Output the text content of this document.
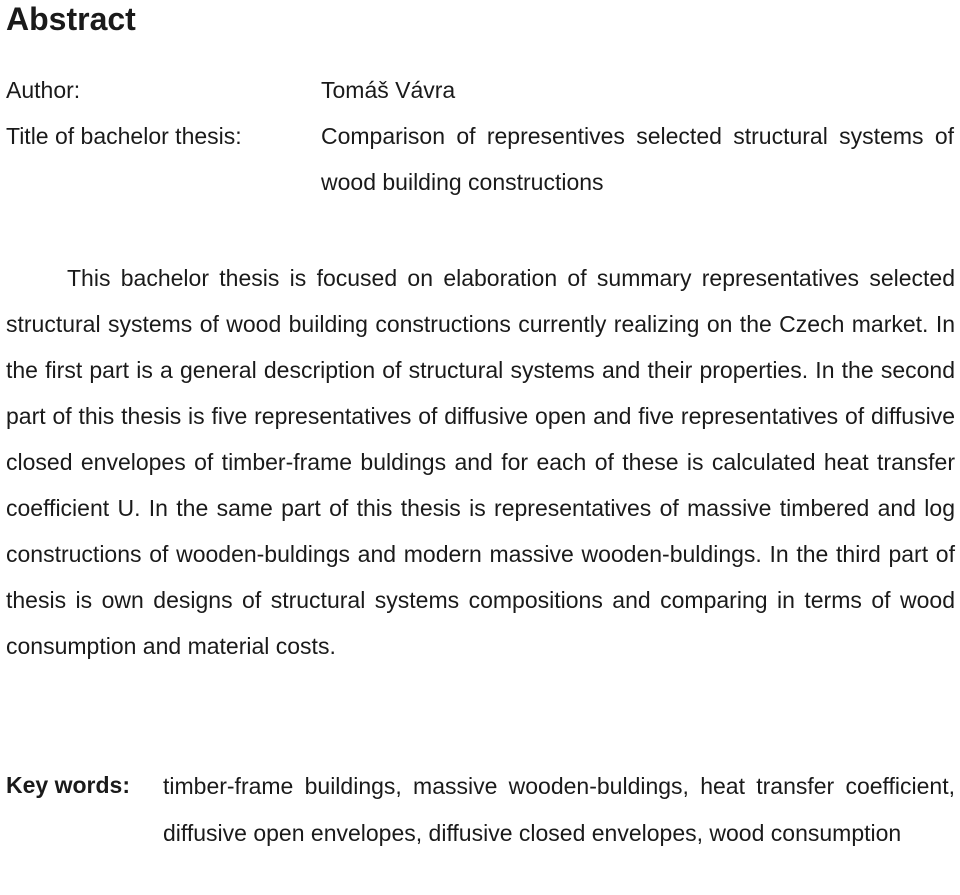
Abstract
Author:	Tomáš Vávra
Title of bachelor thesis:	Comparison of representives selected structural systems of wood building constructions

This bachelor thesis is focused on elaboration of summary representatives selected structural systems of wood building constructions currently realizing on the Czech market. In the first part is a general description of structural systems and their properties. In the second part of this thesis is five representatives of diffusive open and five representatives of diffusive closed envelopes of timber-frame buldings and for each of these is calculated heat transfer coefficient U. In the same part of this thesis is representatives of massive timbered and log constructions of wooden-buldings and modern massive wooden-buldings. In the third part of thesis is own designs of structural systems compositions and comparing in terms of wood consumption and material costs.

Key words: timber-frame buildings, massive wooden-buldings, heat transfer coefficient, diffusive open envelopes, diffusive closed envelopes, wood consumption
